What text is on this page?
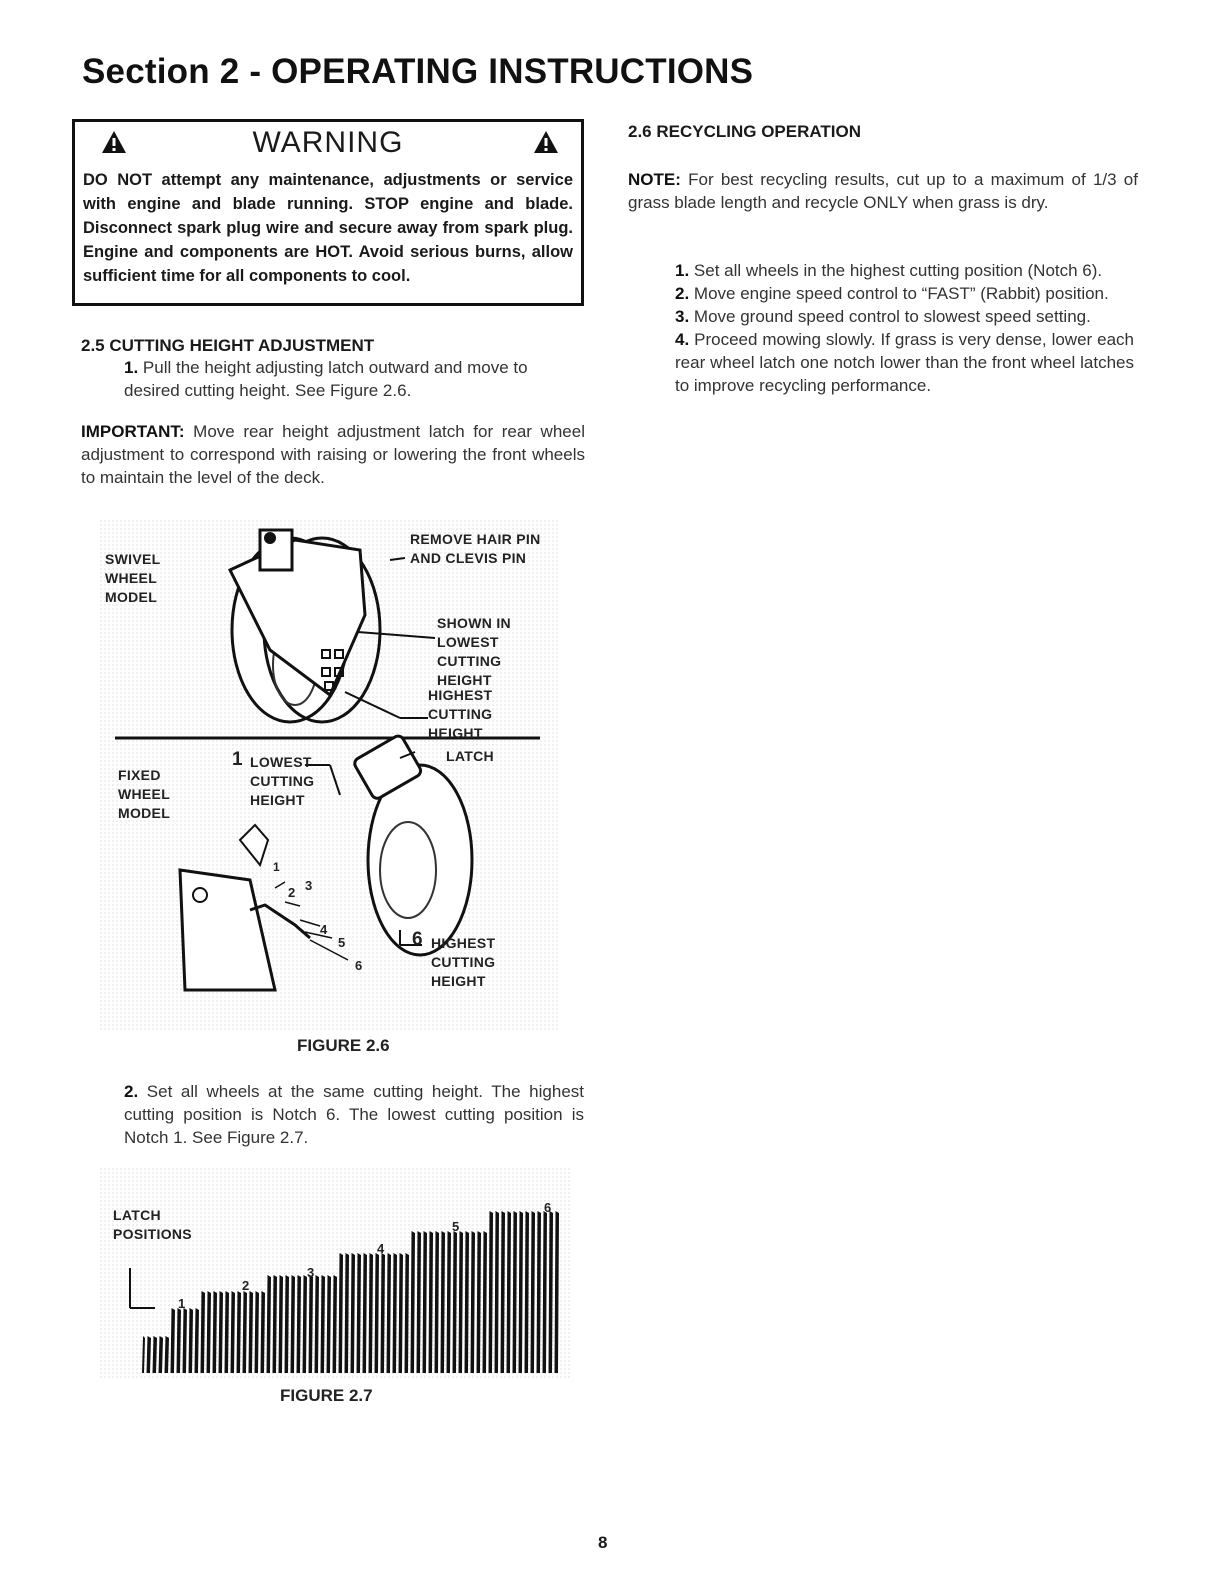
Section 2 - OPERATING INSTRUCTIONS
WARNING
DO NOT attempt any maintenance, adjustments or service with engine and blade running. STOP engine and blade. Disconnect spark plug wire and secure away from spark plug. Engine and components are HOT. Avoid serious burns, allow sufficient time for all components to cool.
2.5 CUTTING HEIGHT ADJUSTMENT
1. Pull the height adjusting latch outward and move to desired cutting height. See Figure 2.6.
IMPORTANT: Move rear height adjustment latch for rear wheel adjustment to correspond with raising or lowering the front wheels to maintain the level of the deck.
SWIVEL
WHEEL
MODEL
REMOVE HAIR PIN
AND CLEVIS PIN
SHOWN IN
LOWEST CUTTING
HEIGHT
HIGHEST CUTTING
HEIGHT
FIXED
WHEEL
MODEL
1 LOWEST
CUTTING
HEIGHT
LATCH
1
2 3
4
5
6
6 HIGHEST
CUTTING
HEIGHT
FIGURE 2.6
2. Set all wheels at the same cutting height. The highest cutting position is Notch 6. The lowest cutting position is Notch 1. See Figure 2.7.
LATCH
POSITIONS
1
2
3
4
5
6
FIGURE 2.7
2.6 RECYCLING OPERATION
NOTE: For best recycling results, cut up to a maximum of 1/3 of grass blade length and recycle ONLY when grass is dry.
1. Set all wheels in the highest cutting position (Notch 6).
2. Move engine speed control to “FAST” (Rabbit) position.
3. Move ground speed control to slowest speed setting.
4. Proceed mowing slowly. If grass is very dense, lower each rear wheel latch one notch lower than the front wheel latches to improve recycling performance.
8
